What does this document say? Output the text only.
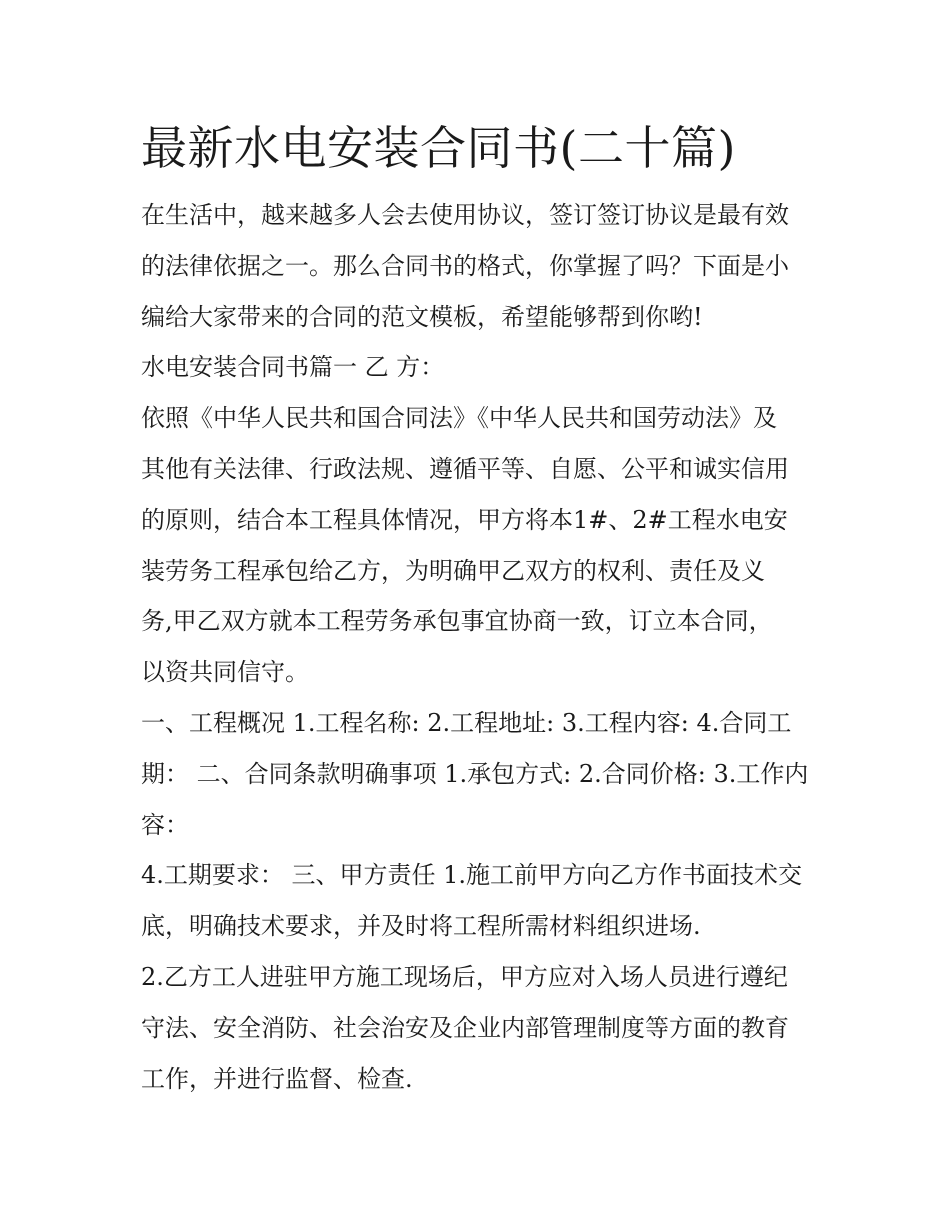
最新水电安装合同书(二十篇)

在生活中，越来越多人会去使用协议，签订签订协议是最有效

的法律依据之一。那么合同书的格式，你掌握了吗？下面是小

编给大家带来的合同的范文模板，希望能够帮到你哟!

水电安装合同书篇一 乙 方：

依照《中华人民共和国合同法》《中华人民共和国劳动法》及

其他有关法律、行政法规、遵循平等、自愿、公平和诚实信用

的原则，结合本工程具体情况，甲方将本1#、2#工程水电安

装劳务工程承包给乙方，为明确甲乙双方的权利、责任及义

务,甲乙双方就本工程劳务承包事宜协商一致，订立本合同，

以资共同信守。

一、工程概况 1.工程名称: 2.工程地址: 3.工程内容: 4.合同工

期： 二、合同条款明确事项 1.承包方式: 2.合同价格: 3.工作内

容：

4.工期要求： 三、甲方责任 1.施工前甲方向乙方作书面技术交

底，明确技术要求，并及时将工程所需材料组织进场.

2.乙方工人进驻甲方施工现场后，甲方应对入场人员进行遵纪

守法、安全消防、社会治安及企业内部管理制度等方面的教育

工作，并进行监督、检查.
